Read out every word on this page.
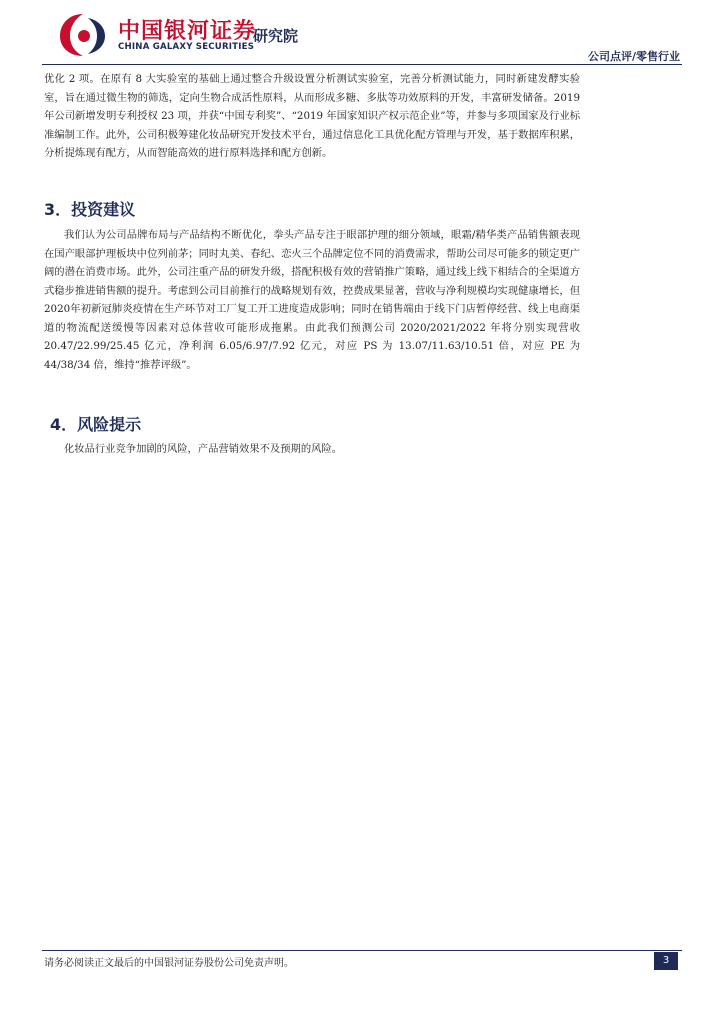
中国银河证券
CHINA GALAXY SECURITIES
研究院
公司点评/零售行业

优化 2 项。在原有 8 大实验室的基础上通过整合升级设置分析测试实验室，完善分析测试能力，同时新建发酵实验室，旨在通过微生物的筛选，定向生物合成活性原料，从而形成多糖、多肽等功效原料的开发，丰富研发储备。2019 年公司新增发明专利授权 23 项，并获“中国专利奖”、“2019 年国家知识产权示范企业”等，并参与多项国家及行业标准编制工作。此外，公司积极筹建化妆品研究开发技术平台，通过信息化工具优化配方管理与开发，基于数据库积累，分析提炼现有配方，从而智能高效的进行原料选择和配方创新。

3．投资建议

我们认为公司品牌布局与产品结构不断优化，拳头产品专注于眼部护理的细分领域，眼霜/精华类产品销售额表现在国产眼部护理板块中位列前茅；同时丸美、春纪、恋火三个品牌定位不同的消费需求，帮助公司尽可能多的锁定更广阔的潜在消费市场。此外，公司注重产品的研发升级，搭配积极有效的营销推广策略，通过线上线下相结合的全渠道方式稳步推进销售额的提升。考虑到公司目前推行的战略规划有效，控费成果显著，营收与净利规模均实现健康增长，但 2020年初新冠肺炎疫情在生产环节对工厂复工开工进度造成影响；同时在销售端由于线下门店暂停经营、线上电商渠道的物流配送缓慢等因素对总体营收可能形成拖累。由此我们预测公司 2020/2021/2022 年将分别实现营收 20.47/22.99/25.45 亿元，净利润 6.05/6.97/7.92 亿元，对应 PS 为 13.07/11.63/10.51 倍，对应 PE 为 44/38/34 倍，维持“推荐评级”。

4．风险提示

化妆品行业竞争加剧的风险，产品营销效果不及预期的风险。

请务必阅读正文最后的中国银河证券股份公司免责声明。	3
